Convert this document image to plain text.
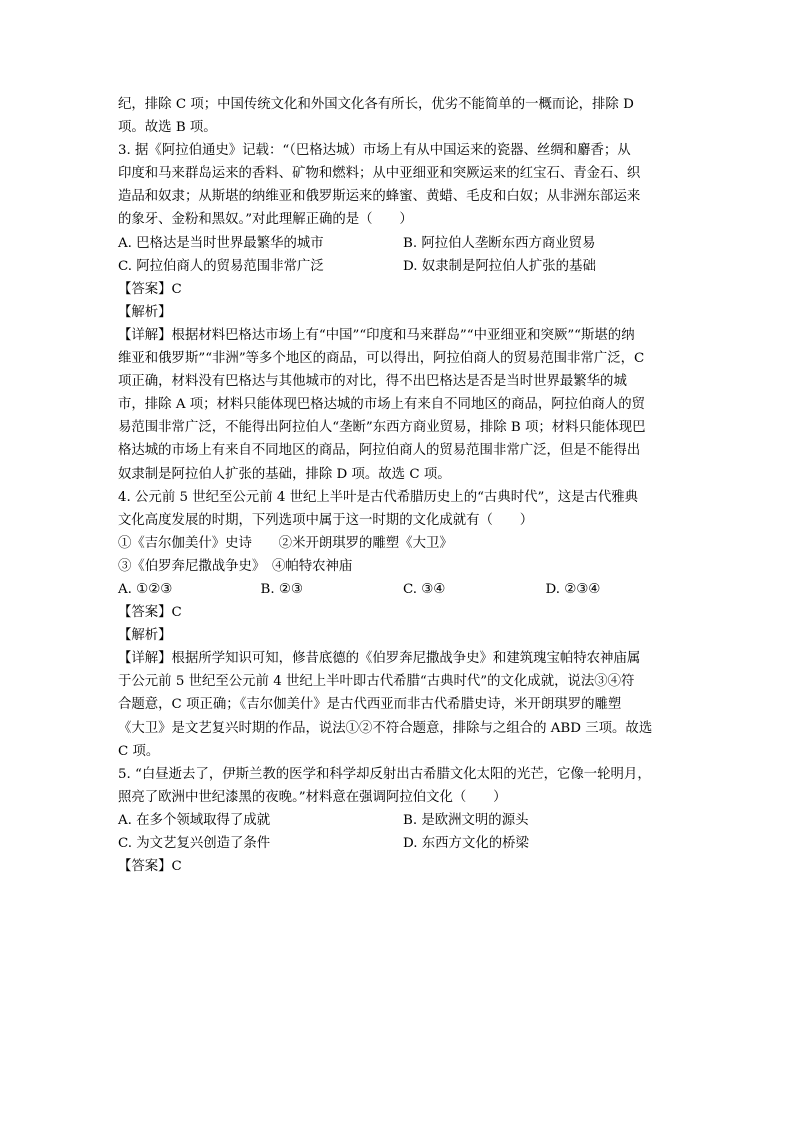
纪，排除 C 项；中国传统文化和外国文化各有所长，优劣不能简单的一概而论，排除 D
项。故选 B 项。
3. 据《阿拉伯通史》记载：“（巴格达城）市场上有从中国运来的瓷器、丝绸和麝香；从
印度和马来群岛运来的香料、矿物和燃料；从中亚细亚和突厥运来的红宝石、青金石、织
造品和奴隶；从斯堪的纳维亚和俄罗斯运来的蜂蜜、黄蜡、毛皮和白奴；从非洲东部运来
的象牙、金粉和黑奴。”对此理解正确的是（　　）
A. 巴格达是当时世界最繁华的城市	B. 阿拉伯人垄断东西方商业贸易
C. 阿拉伯商人的贸易范围非常广泛	D. 奴隶制是阿拉伯人扩张的基础
【答案】C
【解析】
【详解】根据材料巴格达市场上有“中国”“印度和马来群岛”“中亚细亚和突厥”“斯堪的纳
维亚和俄罗斯”“非洲”等多个地区的商品，可以得出，阿拉伯商人的贸易范围非常广泛，C
项正确，材料没有巴格达与其他城市的对比，得不出巴格达是否是当时世界最繁华的城
市，排除 A 项；材料只能体现巴格达城的市场上有来自不同地区的商品，阿拉伯商人的贸
易范围非常广泛，不能得出阿拉伯人“垄断”东西方商业贸易，排除 B 项；材料只能体现巴
格达城的市场上有来自不同地区的商品，阿拉伯商人的贸易范围非常广泛，但是不能得出
奴隶制是阿拉伯人扩张的基础，排除 D 项。故选 C 项。
4. 公元前 5 世纪至公元前 4 世纪上半叶是古代希腊历史上的“古典时代”，这是古代雅典
文化高度发展的时期，下列选项中属于这一时期的文化成就有（　　）
①《吉尔伽美什》史诗　　②米开朗琪罗的雕塑《大卫》
③《伯罗奔尼撒战争史》　④帕特农神庙
A. ①②③	B. ②③	C. ③④	D. ②③④
【答案】C
【解析】
【详解】根据所学知识可知，修昔底德的《伯罗奔尼撒战争史》和建筑瑰宝帕特农神庙属
于公元前 5 世纪至公元前 4 世纪上半叶即古代希腊“古典时代”的文化成就，说法③④符
合题意，C 项正确；《吉尔伽美什》是古代西亚而非古代希腊史诗，米开朗琪罗的雕塑
《大卫》是文艺复兴时期的作品，说法①②不符合题意，排除与之组合的 ABD 三项。故选
C 项。
5. “白昼逝去了，伊斯兰教的医学和科学却反射出古希腊文化太阳的光芒，它像一轮明月，
照亮了欧洲中世纪漆黑的夜晚。”材料意在强调阿拉伯文化（　　）
A. 在多个领域取得了成就	B. 是欧洲文明的源头
C. 为文艺复兴创造了条件	D. 东西方文化的桥梁
【答案】C
